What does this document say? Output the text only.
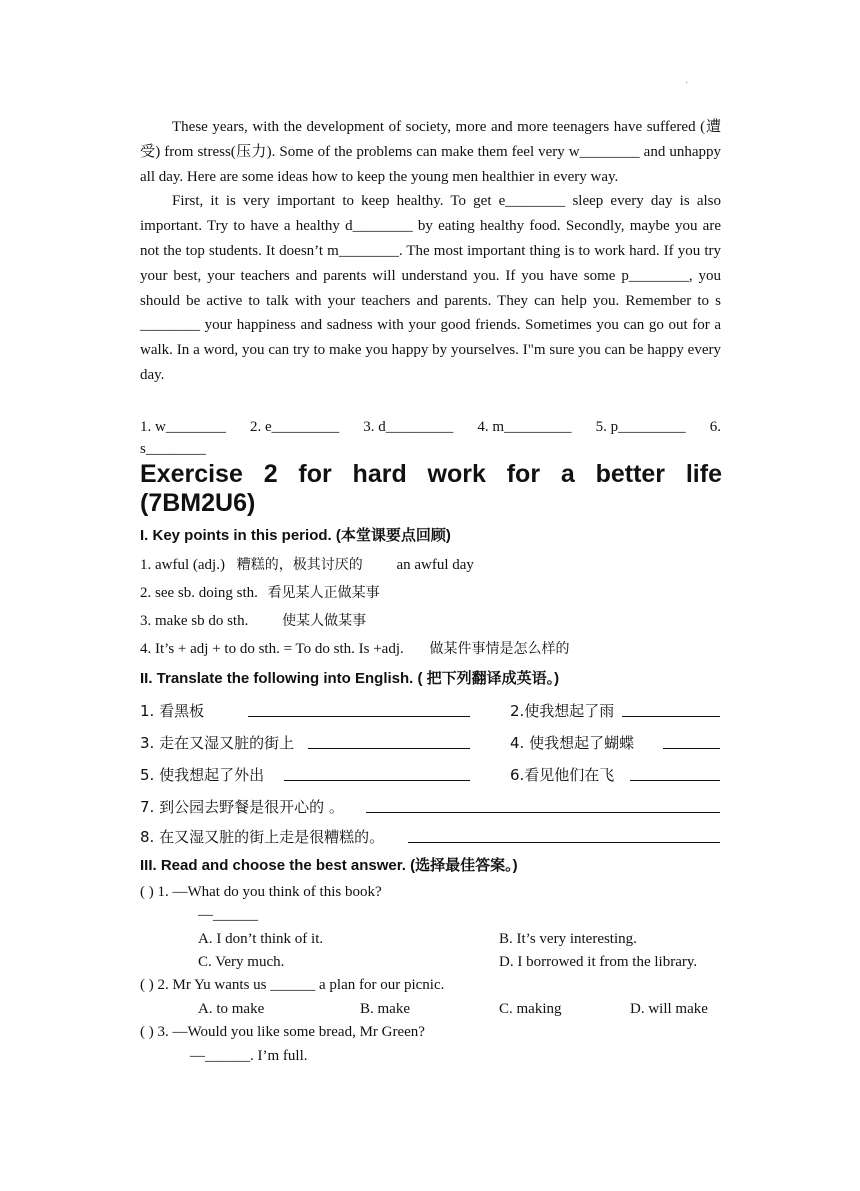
·

These years, with the development of society, more and more teenagers have suffered (遭受) from stress(压力). Some of the problems can make them feel very w________ and unhappy all day. Here are some ideas how to keep the young men healthier in every way.

First, it is very important to keep healthy. To get e________ sleep every day is also important. Try to have a healthy d________ by eating healthy food. Secondly, maybe you are not the top students. It doesn’t m________. The most important thing is to work hard. If you try your best, your teachers and parents will understand you. If you have some p________, you should be active to talk with your teachers and parents. They can help you. Remember to s ________ your happiness and sadness with your good friends. Sometimes you can go out for a walk. In a word, you can try to make you happy by yourselves. I"m sure you can be happy every day.

1. w________ 2. e_________ 3. d_________ 4. m_________ 5. p_________ 6.
s________
Exercise 2 for hard work for a better life
(7BM2U6)
I. Key points in this period. (本堂课要点回顾)
1. awful (adj.) 糟糕的，极其讨厌的 an awful day
2. see sb. doing sth. 看见某人正做某事
3. make sb do sth. 使某人做某事
4. It’s + adj + to do sth. = To do sth. Is +adj. 做某件事情是怎么样的
II. Translate the following into English. ( 把下列翻译成英语。)
1. 看黑板	2.使我想起了雨
3. 走在又湿又脏的街上	4. 使我想起了蝴蝶
5. 使我想起了外出	6.看见他们在飞
7. 到公园去野餐是很开心的 。
8. 在又湿又脏的街上走是很糟糕的。
III. Read and choose the best answer. (选择最佳答案。)
( ) 1. —What do you think of this book?
—______
A. I don’t think of it.	B. It’s very interesting.
C. Very much.	D. I borrowed it from the library.
( ) 2. Mr Yu wants us ______ a plan for our picnic.
A. to make	B. make	C. making	D. will make
( ) 3. —Would you like some bread, Mr Green?
—______. I’m full.
